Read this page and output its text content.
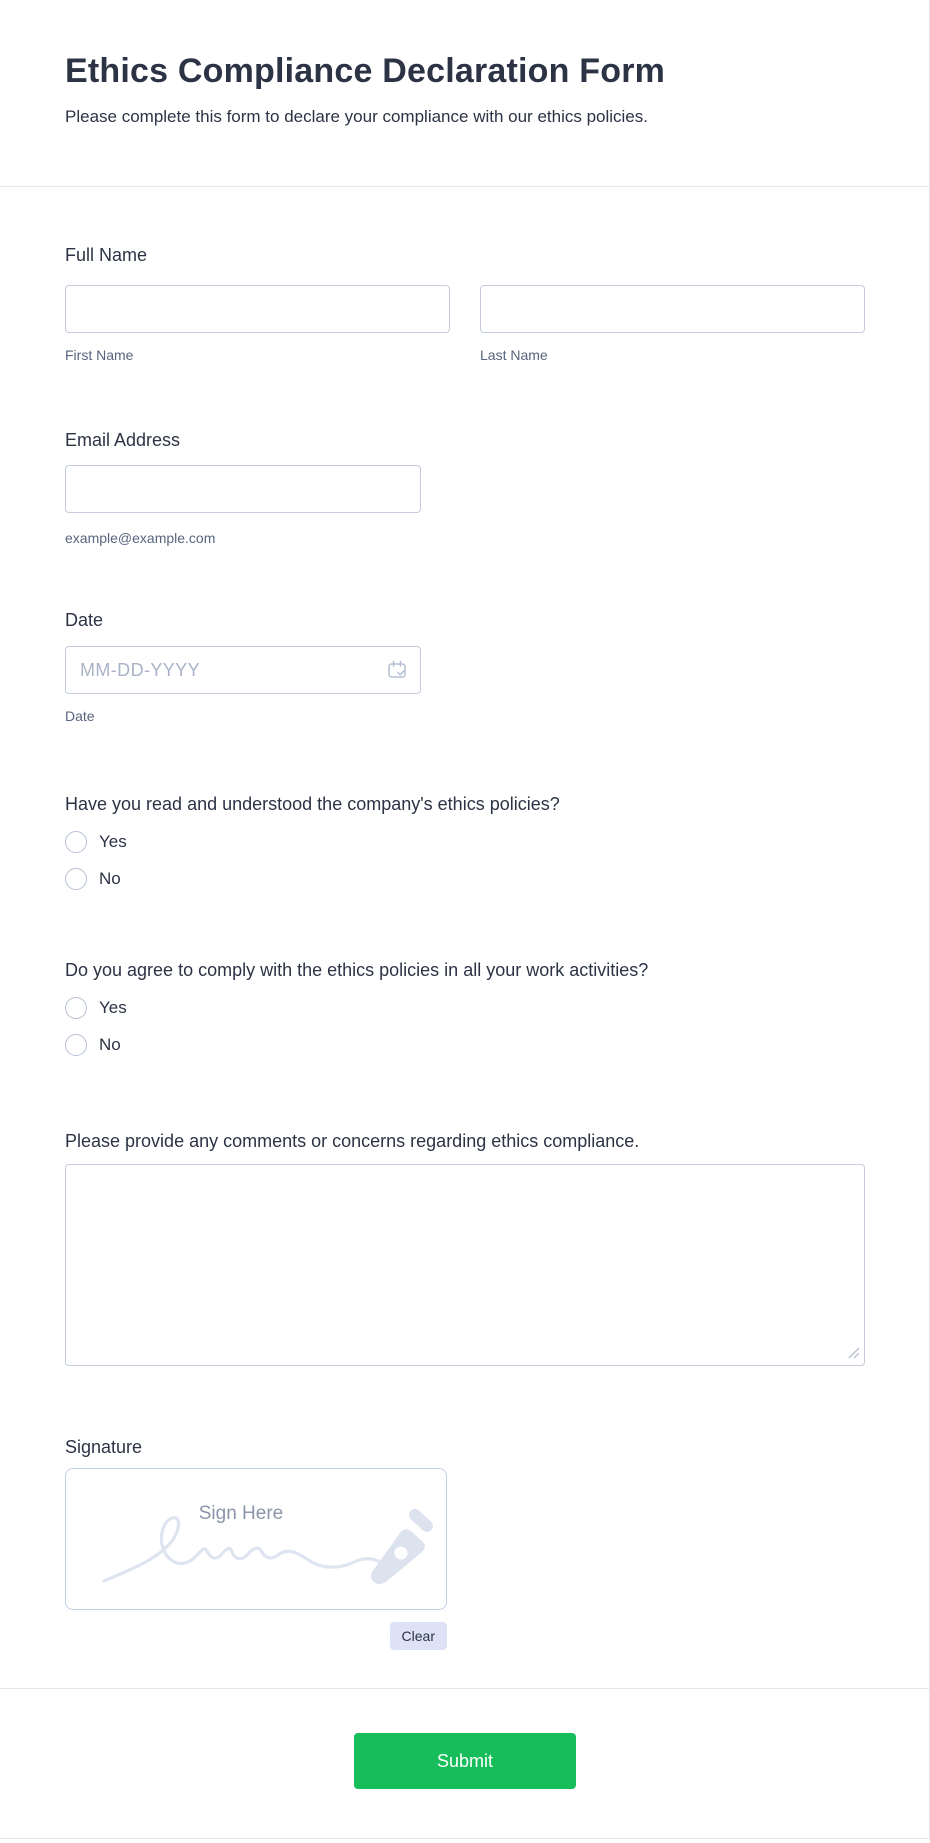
Ethics Compliance Declaration Form

Please complete this form to declare your compliance with our ethics policies.

Full Name
First Name	Last Name
Email Address
example@example.com
Date
MM-DD-YYYY
Date
Have you read and understood the company's ethics policies?
Yes
No
Do you agree to comply with the ethics policies in all your work activities?
Yes
No
Please provide any comments or concerns regarding ethics compliance.
Signature
Sign Here
Clear
Submit
